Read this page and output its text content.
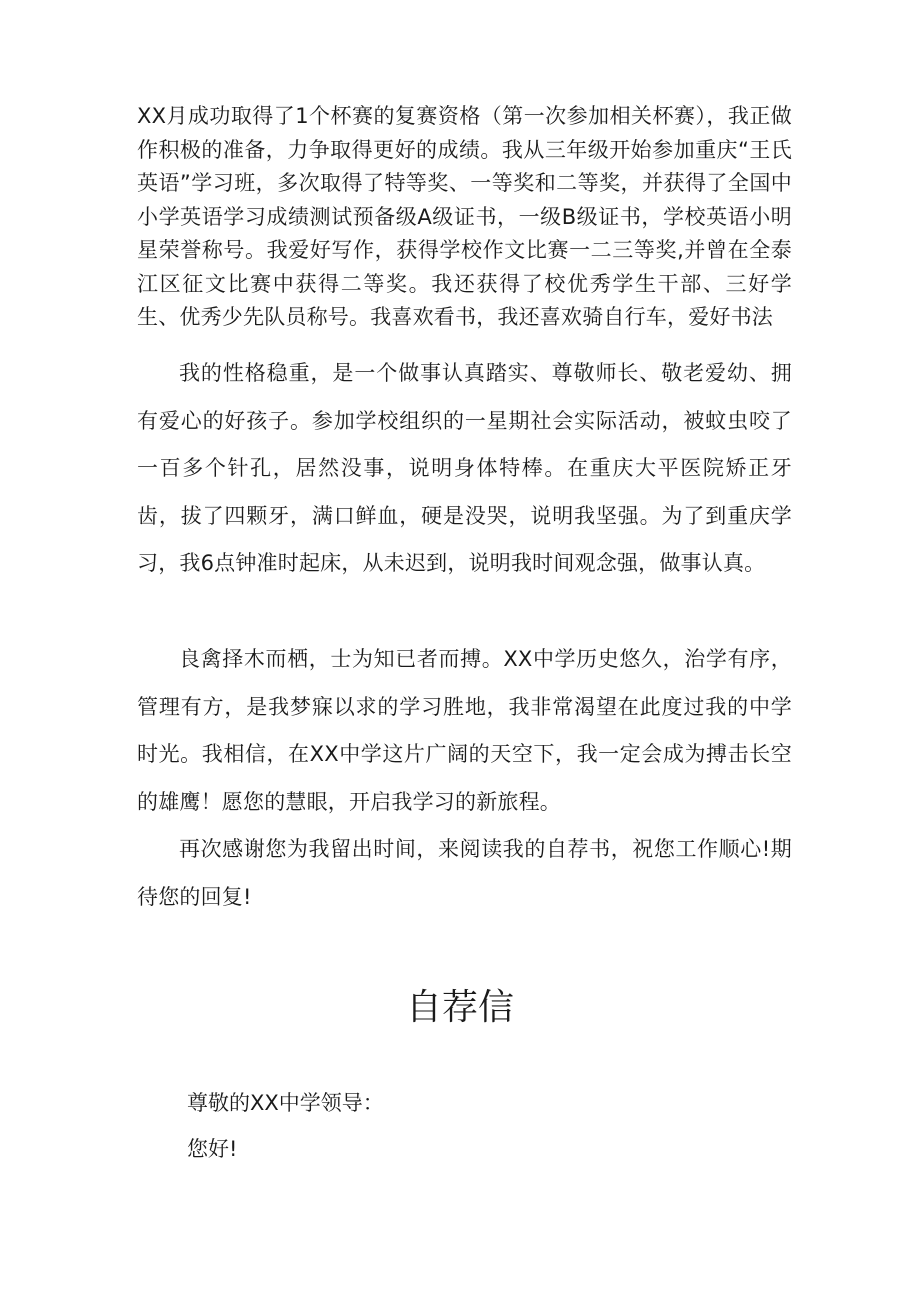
XX月成功取得了1个杯赛的复赛资格（第一次参加相关杯赛），我正做作积极的准备，力争取得更好的成绩。我从三年级开始参加重庆“王氏英语”学习班，多次取得了特等奖、一等奖和二等奖，并获得了全国中小学英语学习成绩测试预备级A级证书，一级B级证书，学校英语小明星荣誉称号。我爱好写作，获得学校作文比赛一二三等奖,并曾在全泰江区征文比赛中获得二等奖。我还获得了校优秀学生干部、三好学生、优秀少先队员称号。我喜欢看书，我还喜欢骑自行车，爱好书法

我的性格稳重，是一个做事认真踏实、尊敬师长、敬老爱幼、拥有爱心的好孩子。参加学校组织的一星期社会实际活动，被蚊虫咬了一百多个针孔，居然没事，说明身体特棒。在重庆大平医院矫正牙齿，拔了四颗牙，满口鲜血，硬是没哭，说明我坚强。为了到重庆学习，我6点钟准时起床，从未迟到，说明我时间观念强，做事认真。

良禽择木而栖，士为知已者而搏。XX中学历史悠久，治学有序，管理有方，是我梦寐以求的学习胜地，我非常渴望在此度过我的中学时光。我相信，在XX中学这片广阔的天空下，我一定会成为搏击长空的雄鹰！愿您的慧眼，开启我学习的新旅程。

再次感谢您为我留出时间，来阅读我的自荐书，祝您工作顺心!期待您的回复!

自荐信

尊敬的XX中学领导：

您好!
